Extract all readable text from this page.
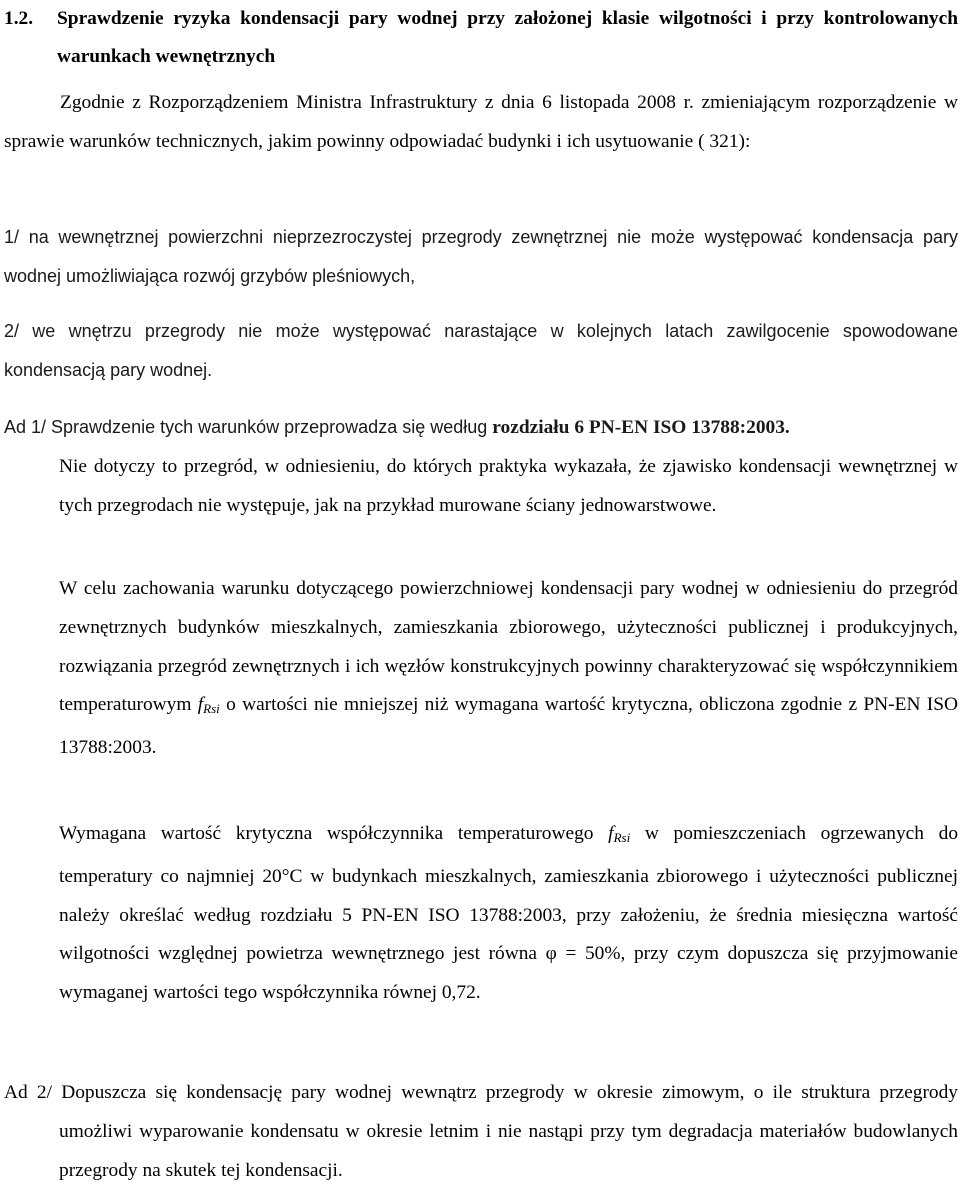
1.2. Sprawdzenie ryzyka kondensacji pary wodnej przy założonej klasie wilgotności i przy kontrolowanych warunkach wewnętrznych

Zgodnie z Rozporządzeniem Ministra Infrastruktury z dnia 6 listopada 2008 r. zmieniającym rozporządzenie w sprawie warunków technicznych, jakim powinny odpowiadać budynki i ich usytuowanie ( 321):

1/ na wewnętrznej powierzchni nieprzezroczystej przegrody zewnętrznej nie może występować kondensacja pary wodnej umożliwiająca rozwój grzybów pleśniowych,

2/ we wnętrzu przegrody nie może występować narastające w kolejnych latach zawilgocenie spowodowane kondensacją pary wodnej.

Ad 1/ Sprawdzenie tych warunków przeprowadza się według rozdziału 6 PN-EN ISO 13788:2003.

Nie dotyczy to przegród, w odniesieniu, do których praktyka wykazała, że zjawisko kondensacji wewnętrznej w tych przegrodach nie występuje, jak na przykład murowane ściany jednowarstwowe.

W celu zachowania warunku dotyczącego powierzchniowej kondensacji pary wodnej w odniesieniu do przegród zewnętrznych budynków mieszkalnych, zamieszkania zbiorowego, użyteczności publicznej i produkcyjnych, rozwiązania przegród zewnętrznych i ich węzłów konstrukcyjnych powinny charakteryzować się współczynnikiem temperaturowym $f_{Rsi}$ o wartości nie mniejszej niż wymagana wartość krytyczna, obliczona zgodnie z PN-EN ISO 13788:2003.

Wymagana wartość krytyczna współczynnika temperaturowego $f_{Rsi}$ w pomieszczeniach ogrzewanych do temperatury co najmniej 20°C w budynkach mieszkalnych, zamieszkania zbiorowego i użyteczności publicznej należy określać według rozdziału 5 PN-EN ISO 13788:2003, przy założeniu, że średnia miesięczna wartość wilgotności względnej powietrza wewnętrznego jest równa φ = 50%, przy czym dopuszcza się przyjmowanie wymaganej wartości tego współczynnika równej 0,72.

Ad 2/ Dopuszcza się kondensację pary wodnej wewnątrz przegrody w okresie zimowym, o ile struktura przegrody umożliwi wyparowanie kondensatu w okresie letnim i nie nastąpi przy tym degradacja materiałów budowlanych przegrody na skutek tej kondensacji.
